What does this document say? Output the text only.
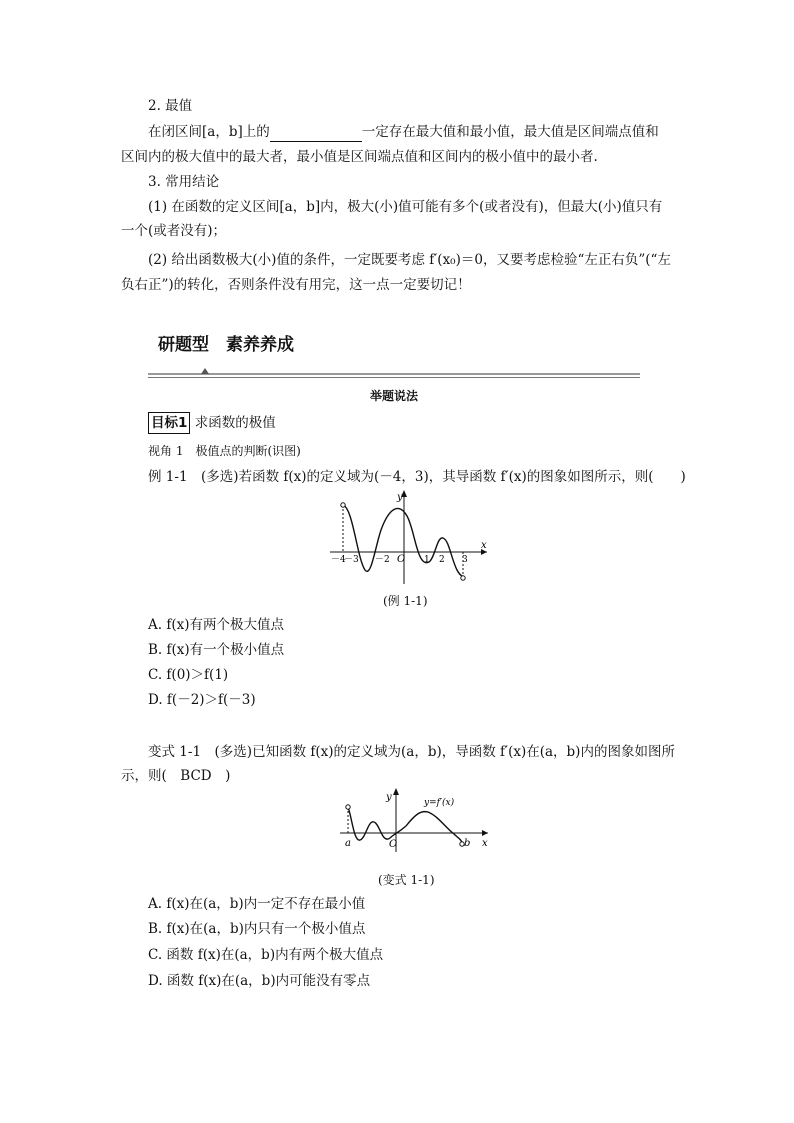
2. 最值
在闭区间[a，b]上的	一定存在最大值和最小值，最大值是区间端点值和
区间内的极大值中的最大者，最小值是区间端点值和区间内的极小值中的最小者.
3. 常用结论
(1) 在函数的定义区间[a，b]内，极大(小)值可能有多个(或者没有)，但最大(小)值只有
一个(或者没有)；
(2) 给出函数极大(小)值的条件，一定既要考虑 f′(x₀)＝0，又要考虑检验“左正右负”(“左
负右正”)的转化，否则条件没有用完，这一点一定要切记！
研题型　素养养成
举题说法
目标1 求函数的极值
视角 1　极值点的判断(识图)
例 1-1　(多选)若函数 f(x)的定义域为(－4，3)，其导函数 f′(x)的图象如图所示，则(　　)
y
x
O
－4
－3 －2	1 2 3
(例 1-1)
A. f(x)有两个极大值点
B. f(x)有一个极小值点
C. f(0)＞f(1)
D. f(－2)＞f(－3)
变式 1-1　(多选)已知函数 f(x)的定义域为(a，b)，导函数 f′(x)在(a，b)内的图象如图所
示，则(　BCD　)
y
x
O
a	b
y=f′(x)
(变式 1-1)
A. f(x)在(a，b)内一定不存在最小值
B. f(x)在(a，b)内只有一个极小值点
C. 函数 f(x)在(a，b)内有两个极大值点
D. 函数 f(x)在(a，b)内可能没有零点
